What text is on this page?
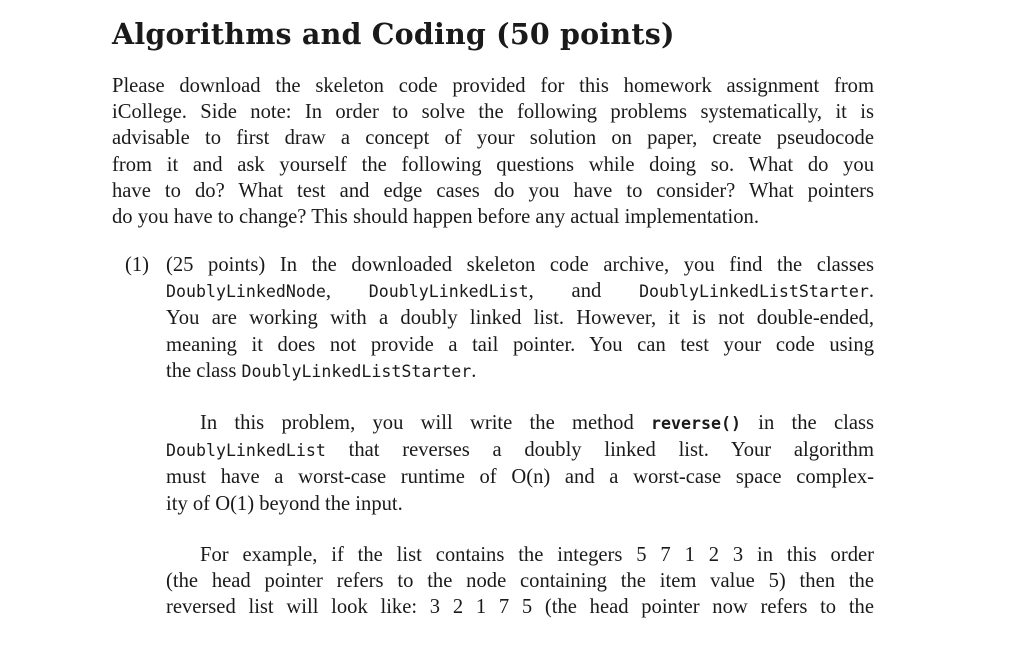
Algorithms and Coding (50 points)
Please download the skeleton code provided for this homework assignment from
iCollege. Side note: In order to solve the following problems systematically, it is
advisable to first draw a concept of your solution on paper, create pseudocode
from it and ask yourself the following questions while doing so. What do you
have to do? What test and edge cases do you have to consider? What pointers
do you have to change? This should happen before any actual implementation.
(1) (25 points) In the downloaded skeleton code archive, you find the classes
DoublyLinkedNode, DoublyLinkedList, and DoublyLinkedListStarter.
You are working with a doubly linked list. However, it is not double-ended,
meaning it does not provide a tail pointer. You can test your code using
the class DoublyLinkedListStarter.
In this problem, you will write the method reverse() in the class
DoublyLinkedList that reverses a doubly linked list. Your algorithm
must have a worst-case runtime of O(n) and a worst-case space complex-
ity of O(1) beyond the input.
For example, if the list contains the integers 5 7 1 2 3 in this order
(the head pointer refers to the node containing the item value 5) then the
reversed list will look like: 3 2 1 7 5 (the head pointer now refers to the
